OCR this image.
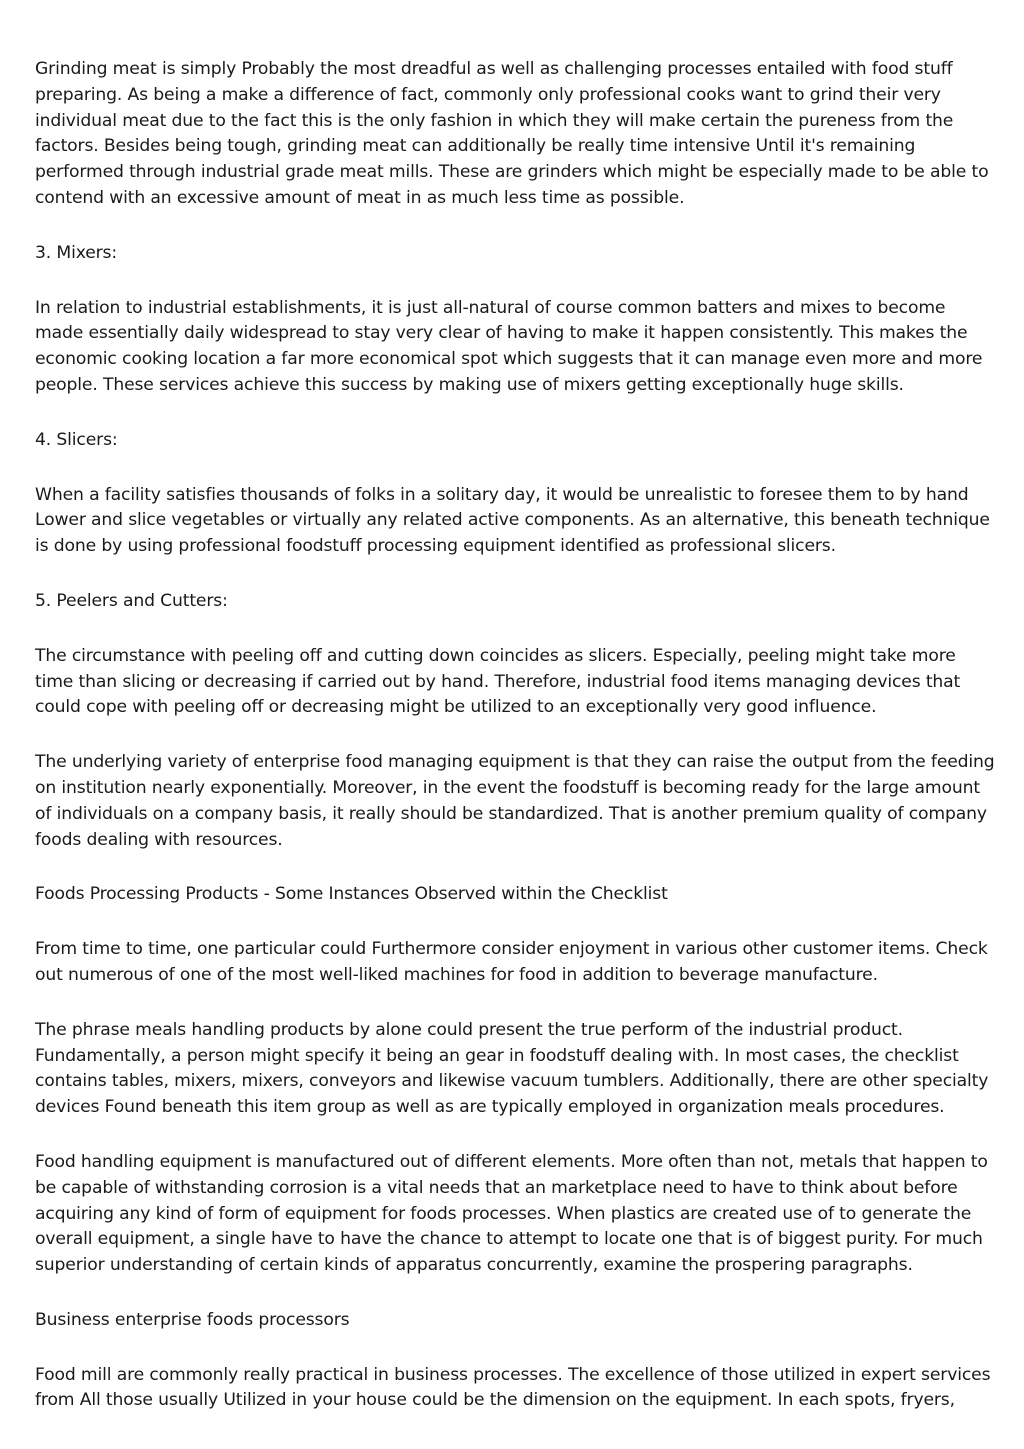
Grinding meat is simply Probably the most dreadful as well as challenging processes entailed with food stuff preparing. As being a make a difference of fact, commonly only professional cooks want to grind their very individual meat due to the fact this is the only fashion in which they will make certain the pureness from the factors. Besides being tough, grinding meat can additionally be really time intensive Until it's remaining performed through industrial grade meat mills. These are grinders which might be especially made to be able to contend with an excessive amount of meat in as much less time as possible.

3. Mixers:

In relation to industrial establishments, it is just all-natural of course common batters and mixes to become made essentially daily widespread to stay very clear of having to make it happen consistently. This makes the economic cooking location a far more economical spot which suggests that it can manage even more and more people. These services achieve this success by making use of mixers getting exceptionally huge skills.

4. Slicers:

When a facility satisfies thousands of folks in a solitary day, it would be unrealistic to foresee them to by hand Lower and slice vegetables or virtually any related active components. As an alternative, this beneath technique is done by using professional foodstuff processing equipment identified as professional slicers.

5. Peelers and Cutters:

The circumstance with peeling off and cutting down coincides as slicers. Especially, peeling might take more time than slicing or decreasing if carried out by hand. Therefore, industrial food items managing devices that could cope with peeling off or decreasing might be utilized to an exceptionally very good influence.

The underlying variety of enterprise food managing equipment is that they can raise the output from the feeding on institution nearly exponentially. Moreover, in the event the foodstuff is becoming ready for the large amount of individuals on a company basis, it really should be standardized. That is another premium quality of company foods dealing with resources.

Foods Processing Products - Some Instances Observed within the Checklist

From time to time, one particular could Furthermore consider enjoyment in various other customer items. Check out numerous of one of the most well-liked machines for food in addition to beverage manufacture.

The phrase meals handling products by alone could present the true perform of the industrial product. Fundamentally, a person might specify it being an gear in foodstuff dealing with. In most cases, the checklist contains tables, mixers, mixers, conveyors and likewise vacuum tumblers. Additionally, there are other specialty devices Found beneath this item group as well as are typically employed in organization meals procedures.

Food handling equipment is manufactured out of different elements. More often than not, metals that happen to be capable of withstanding corrosion is a vital needs that an marketplace need to have to think about before acquiring any kind of form of equipment for foods processes. When plastics are created use of to generate the overall equipment, a single have to have the chance to attempt to locate one that is of biggest purity. For much superior understanding of certain kinds of apparatus concurrently, examine the prospering paragraphs.

Business enterprise foods processors

Food mill are commonly really practical in business processes. The excellence of those utilized in expert services from All those usually Utilized in your house could be the dimension on the equipment. In each spots, fryers,
